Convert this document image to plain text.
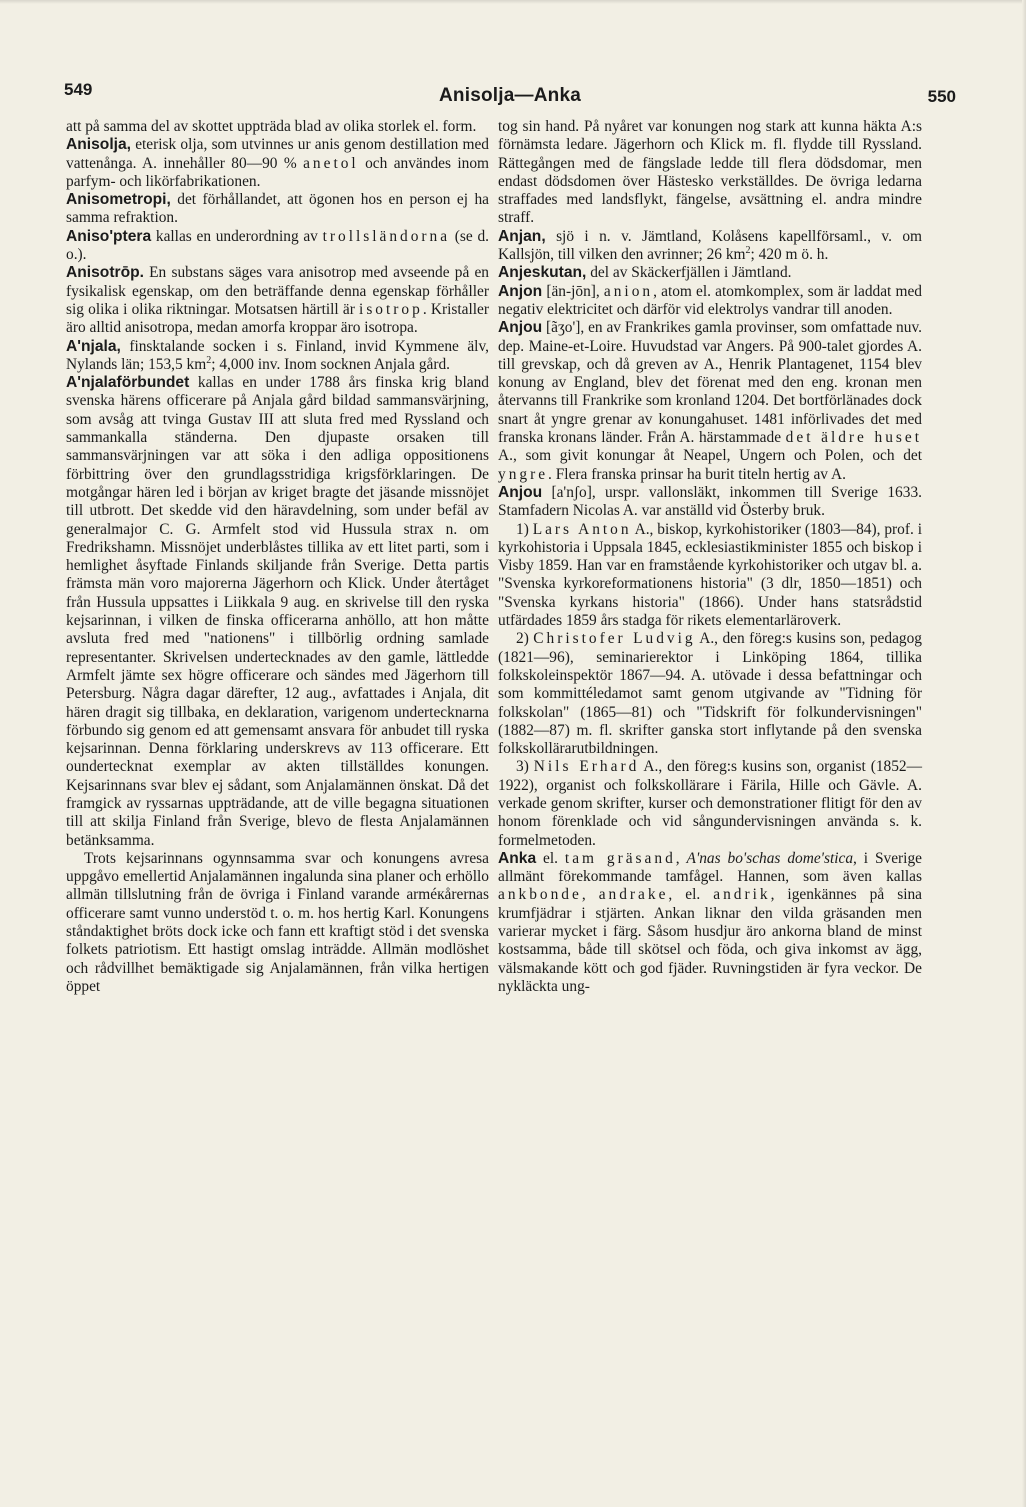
549	Anisolja—Anka	550

att på samma del av skottet uppträda blad av olika storlek el. form.

Anisolja, eterisk olja, som utvinnes ur anis genom destillation med vattenånga. A. innehåller 80—90 % anetol och användes inom parfym- och likörfabrikationen.

Anisometropi, det förhållandet, att ögonen hos en person ej ha samma refraktion.

Aniso'ptera kallas en underordning av trollsländorna (se d. o.).

Anisotrōp. En substans säges vara anisotrop med avseende på en fysikalisk egenskap, om den beträffande denna egenskap förhåller sig olika i olika riktningar. Motsatsen härtill är isotrop. Kristaller äro alltid anisotropa, medan amorfa kroppar äro isotropa.

A'njala, finsktalande socken i s. Finland, invid Kymmene älv, Nylands län; 153,5 $km^2$; 4,000 inv. Inom socknen Anjala gård.

A'njalaförbundet kallas en under 1788 års finska krig bland svenska härens officerare på Anjala gård bildad sammansvärjning, som avsåg att tvinga Gustav III att sluta fred med Ryssland och sammankalla ständerna. Den djupaste orsaken till sammansvärjningen var att söka i den adliga oppositionens förbittring över den grundlagsstridiga krigsförklaringen. De motgångar hären led i början av kriget bragte det jäsande missnöjet till utbrott. Det skedde vid den häravdelning, som under befäl av generalmajor C. G. Armfelt stod vid Hussula strax n. om Fredrikshamn. Missnöjet underblåstes tillika av ett litet parti, som i hemlighet åsyftade Finlands skiljande från Sverige. Detta partis främsta män voro majorerna Jägerhorn och Klick. Under återtåget från Hussula uppsattes i Liikkala 9 aug. en skrivelse till den ryska kejsarinnan, i vilken de finska officerarna anhöllo, att hon måtte avsluta fred med "nationens" i tillbörlig ordning samlade representanter. Skrivelsen undertecknades av den gamle, lättledde Armfelt jämte sex högre officerare och sändes med Jägerhorn till Petersburg. Några dagar därefter, 12 aug., avfattades i Anjala, dit hären dragit sig tillbaka, en deklaration, varigenom undertecknarna förbundo sig genom ed att gemensamt ansvara för anbudet till ryska kejsarinnan. Denna förklaring underskrevs av 113 officerare. Ett oundertecknat exemplar av akten tillställdes konungen. Kejsarinnans svar blev ej sådant, som Anjalamännen önskat. Då det framgick av ryssarnas uppträdande, att de ville begagna situationen till att skilja Finland från Sverige, blevo de flesta Anjalamännen betänksamma.

Trots kejsarinnans ogynnsamma svar och konungens avresa uppgåvo emellertid Anjalamännen ingalunda sina planer och erhöllo allmän tillslutning från de övriga i Finland varande arméкårernas officerare samt vunno understöd t. o. m. hos hertig Karl. Konungens ståndaktighet bröts dock icke och fann ett kraftigt stöd i det svenska folkets patriotism. Ett hastigt omslag inträdde. Allmän modlöshet och rådvillhet bemäktigade sig Anjalamännen, från vilka hertigen öppet

tog sin hand. På nyåret var konungen nog stark att kunna häkta A:s förnämsta ledare. Jägerhorn och Klick m. fl. flydde till Ryssland. Rättegången med de fängslade ledde till flera dödsdomar, men endast dödsdomen över Hästesko verkställdes. De övriga ledarna straffades med landsflykt, fängelse, avsättning el. andra mindre straff.

Anjan, sjö i n. v. Jämtland, Kolåsens kapellförsaml., v. om Kallsjön, till vilken den avrinner; 26 $km^2$; 420 m ö. h.

Anjeskutan, del av Skäckerfjällen i Jämtland.

Anjon [än-jōn], anion, atom el. atomkomplex, som är laddat med negativ elektricitet och därför vid elektrolys vandrar till anoden.

Anjou [ãʒo'], en av Frankrikes gamla provinser, som omfattade nuv. dep. Maine-et-Loire. Huvudstad var Angers. På 900-talet gjordes A. till grevskap, och då greven av A., Henrik Plantagenet, 1154 blev konung av England, blev det förenat med den eng. kronan men återvanns till Frankrike som kronland 1204. Det bortförlänades dock snart åt yngre grenar av konungahuset. 1481 införlivades det med franska kronans länder. Från A. härstammade det äldre huset A., som givit konungar åt Neapel, Ungern och Polen, och det yngre. Flera franska prinsar ha burit titeln hertig av A.

Anjou [a'nʃo], urspr. vallonsläkt, inkommen till Sverige 1633. Stamfadern Nicolas A. var anställd vid Österby bruk.

1) Lars Anton A., biskop, kyrkohistoriker (1803—84), prof. i kyrkohistoria i Uppsala 1845, ecklesiastikminister 1855 och biskop i Visby 1859. Han var en framstående kyrkohistoriker och utgav bl. a. "Svenska kyrkoreformationens historia" (3 dlr, 1850—1851) och "Svenska kyrkans historia" (1866). Under hans statsrådstid utfärdades 1859 års stadga för rikets elementarläroverk.

2) Christofer Ludvig A., den föreg:s kusins son, pedagog (1821—96), seminarierektor i Linköping 1864, tillika folkskoleinspektör 1867—94. A. utövade i dessa befattningar och som kommittéledamot samt genom utgivande av "Tidning för folkskolan" (1865—81) och "Tidskrift för folkundervisningen" (1882—87) m. fl. skrifter ganska stort inflytande på den svenska folkskollärarutbildningen.

3) Nils Erhard A., den föreg:s kusins son, organist (1852—1922), organist och folkskollärare i Färila, Hille och Gävle. A. verkade genom skrifter, kurser och demonstrationer flitigt för den av honom förenklade och vid sångundervisningen använda s. k. formelmetoden.

Anka el. tam gräsand, A'nas bo'schas dome'stica, i Sverige allmänt förekommande tamfågel. Hannen, som även kallas ankbonde, andrake, el. andrik, igenkännes på sina krumfjädrar i stjärten. Ankan liknar den vilda gräsanden men varierar mycket i färg. Såsom husdjur äro ankorna bland de minst kostsamma, både till skötsel och föda, och giva inkomst av ägg, välsmakande kött och god fjäder. Ruvningstiden är fyra veckor. De nykläckta ung-
